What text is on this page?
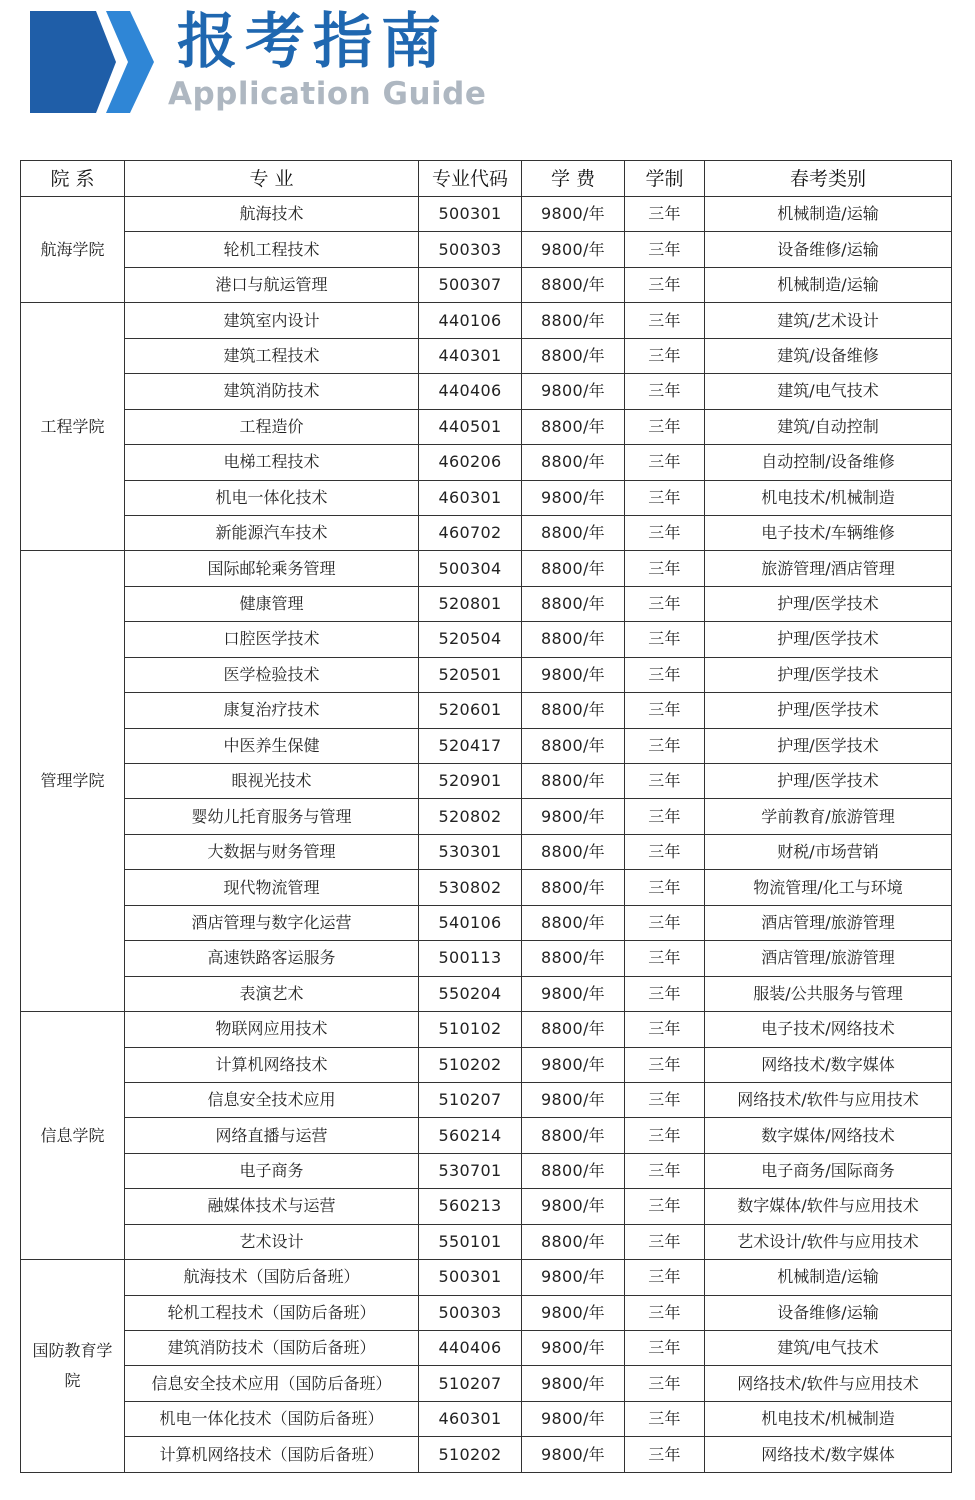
报考指南
Application Guide
院 系	专 业	专业代码	学 费	学制	春考类别

航海学院	航海技术	500301	9800/年	三年	机械制造/运输
	轮机工程技术	500303	9800/年	三年	设备维修/运输
	港口与航运管理	500307	8800/年	三年	机械制造/运输

工程学院	建筑室内设计	440106	8800/年	三年	建筑/艺术设计
	建筑工程技术	440301	8800/年	三年	建筑/设备维修
	建筑消防技术	440406	9800/年	三年	建筑/电气技术
	工程造价	440501	8800/年	三年	建筑/自动控制
	电梯工程技术	460206	8800/年	三年	自动控制/设备维修
	机电一体化技术	460301	9800/年	三年	机电技术/机械制造
	新能源汽车技术	460702	8800/年	三年	电子技术/车辆维修

管理学院	国际邮轮乘务管理	500304	8800/年	三年	旅游管理/酒店管理
	健康管理	520801	8800/年	三年	护理/医学技术
	口腔医学技术	520504	8800/年	三年	护理/医学技术
	医学检验技术	520501	9800/年	三年	护理/医学技术
	康复治疗技术	520601	8800/年	三年	护理/医学技术
	中医养生保健	520417	8800/年	三年	护理/医学技术
	眼视光技术	520901	8800/年	三年	护理/医学技术
	婴幼儿托育服务与管理	520802	9800/年	三年	学前教育/旅游管理
	大数据与财务管理	530301	8800/年	三年	财税/市场营销
	现代物流管理	530802	8800/年	三年	物流管理/化工与环境
	酒店管理与数字化运营	540106	8800/年	三年	酒店管理/旅游管理
	高速铁路客运服务	500113	8800/年	三年	酒店管理/旅游管理
	表演艺术	550204	9800/年	三年	服装/公共服务与管理

信息学院	物联网应用技术	510102	8800/年	三年	电子技术/网络技术
	计算机网络技术	510202	9800/年	三年	网络技术/数字媒体
	信息安全技术应用	510207	9800/年	三年	网络技术/软件与应用技术
	网络直播与运营	560214	8800/年	三年	数字媒体/网络技术
	电子商务	530701	8800/年	三年	电子商务/国际商务
	融媒体技术与运营	560213	9800/年	三年	数字媒体/软件与应用技术
	艺术设计	550101	8800/年	三年	艺术设计/软件与应用技术

国防教育学　　院	航海技术（国防后备班）	500301	9800/年	三年	机械制造/运输
	轮机工程技术（国防后备班）	500303	9800/年	三年	设备维修/运输
	建筑消防技术（国防后备班）	440406	9800/年	三年	建筑/电气技术
	信息安全技术应用（国防后备班）	510207	9800/年	三年	网络技术/软件与应用技术
	机电一体化技术（国防后备班）	460301	9800/年	三年	机电技术/机械制造
	计算机网络技术（国防后备班）	510202	9800/年	三年	网络技术/数字媒体
